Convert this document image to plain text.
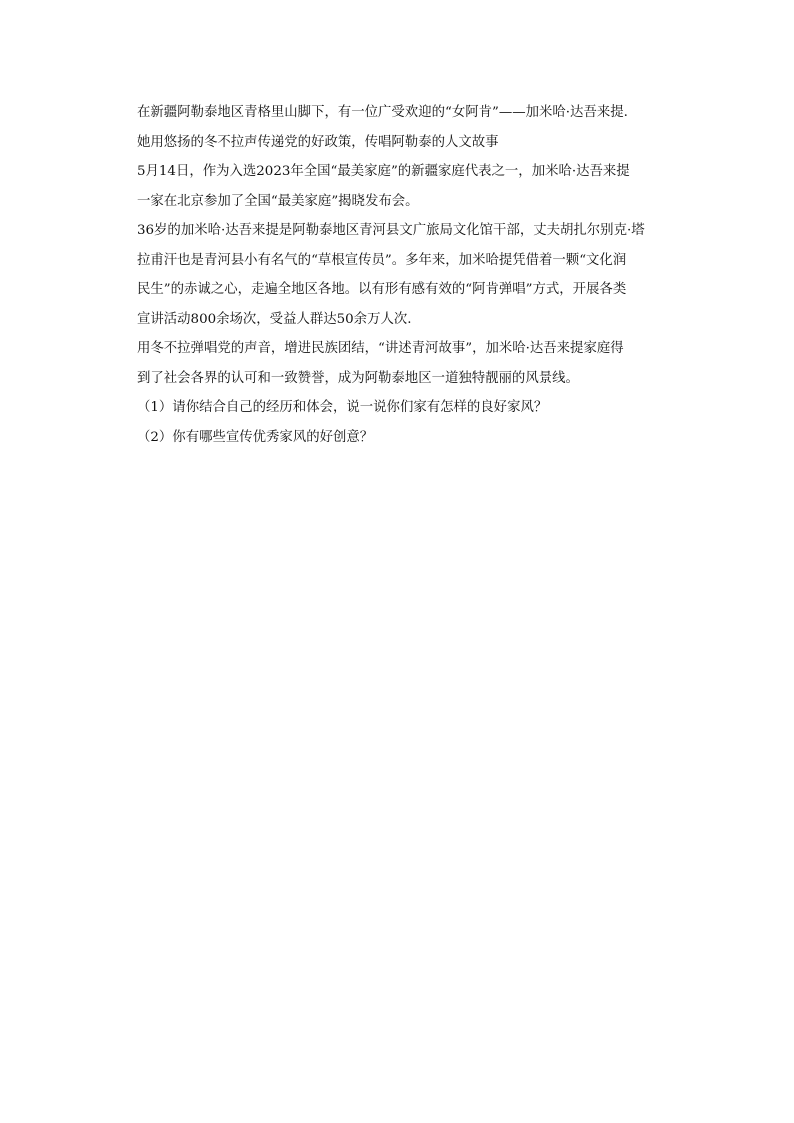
在新疆阿勒泰地区青格里山脚下，有一位广受欢迎的“女阿肯”——加米哈·达吾来提.
她用悠扬的冬不拉声传递党的好政策，传唱阿勒泰的人文故事
5月14日，作为入选2023年全国“最美家庭”的新疆家庭代表之一，加米哈·达吾来提
一家在北京参加了全国“最美家庭”揭晓发布会。
36岁的加米哈·达吾来提是阿勒泰地区青河县文广旅局文化馆干部，丈夫胡扎尔别克·塔
拉甫汗也是青河县小有名气的“草根宣传员”。多年来，加米哈提凭借着一颗“文化润
民生”的赤诚之心，走遍全地区各地。以有形有感有效的“阿肯弹唱”方式，开展各类
宣讲活动800余场次，受益人群达50余万人次.
用冬不拉弹唱党的声音，增进民族团结，“讲述青河故事”，加米哈·达吾来提家庭得
到了社会各界的认可和一致赞誉，成为阿勒泰地区一道独特靓丽的风景线。
（1）请你结合自己的经历和体会，说一说你们家有怎样的良好家风？
（2）你有哪些宣传优秀家风的好创意？
